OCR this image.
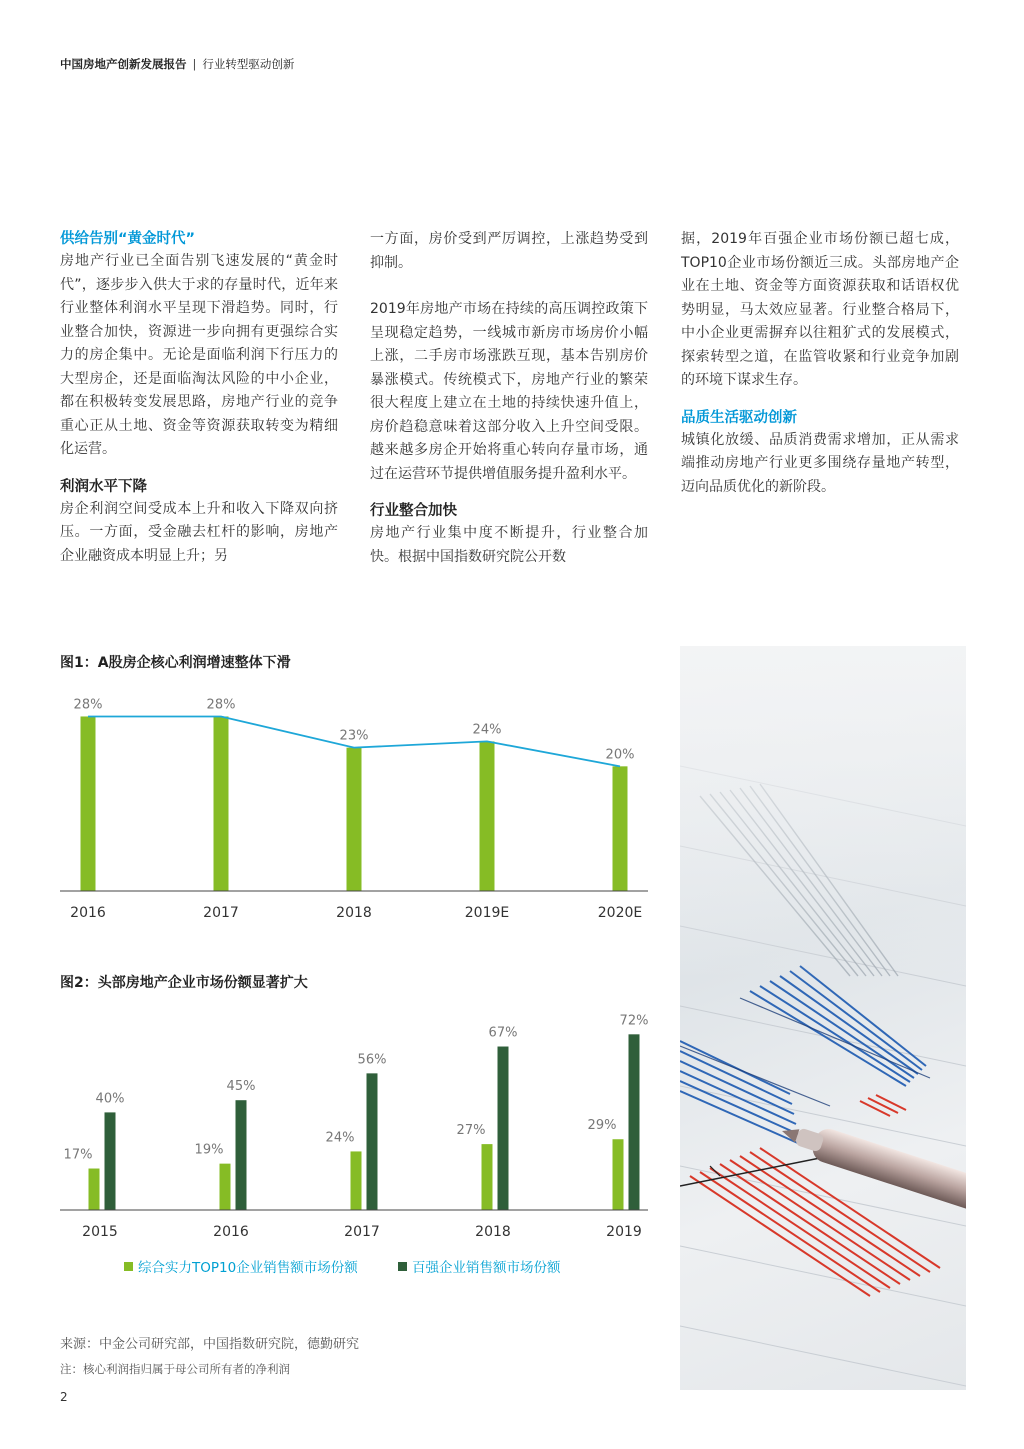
中国房地产创新发展报告 | 行业转型驱动创新

供给告别“黄金时代”

房地产行业已全面告别飞速发展的“黄金时代”，逐步步入供大于求的存量时代，近年来行业整体利润水平呈现下滑趋势。同时，行业整合加快，资源进一步向拥有更强综合实力的房企集中。无论是面临利润下行压力的大型房企，还是面临淘汰风险的中小企业，都在积极转变发展思路，房地产行业的竞争重心正从土地、资金等资源获取转变为精细化运营。

利润水平下降

房企利润空间受成本上升和收入下降双向挤压。一方面，受金融去杠杆的影响，房地产企业融资成本明显上升；另

一方面，房价受到严厉调控，上涨趋势受到抑制。

2019年房地产市场在持续的高压调控政策下呈现稳定趋势，一线城市新房市场房价小幅上涨，二手房市场涨跌互现，基本告别房价暴涨模式。传统模式下，房地产行业的繁荣很大程度上建立在土地的持续快速升值上，房价趋稳意味着这部分收入上升空间受限。越来越多房企开始将重心转向存量市场，通过在运营环节提供增值服务提升盈利水平。

行业整合加快

房地产行业集中度不断提升，行业整合加快。根据中国指数研究院公开数

据，2019年百强企业市场份额已超七成，TOP10企业市场份额近三成。头部房地产企业在土地、资金等方面资源获取和话语权优势明显，马太效应显著。行业整合格局下，中小企业更需摒弃以往粗犷式的发展模式，探索转型之道，在监管收紧和行业竞争加剧的环境下谋求生存。

品质生活驱动创新

城镇化放缓、品质消费需求增加，正从需求端推动房地产行业更多围绕存量地产转型，迈向品质优化的新阶段。

图1：A股房企核心利润增速整体下滑
28%
2016
28%
2017
23%
2018
24%
2019E
20%
2020E
图2：头部房地产企业市场份额显著扩大
17%	19%
24%	27%	29%
40%
45%
56%
67%
72%
2015	2016	2017	2018	2019
综合实力TOP10企业销售额市场份额
	百强企业销售额市场份额
来源：中金公司研究部，中国指数研究院，德勤研究
注：核心利润指归属于母公司所有者的净利润
2
